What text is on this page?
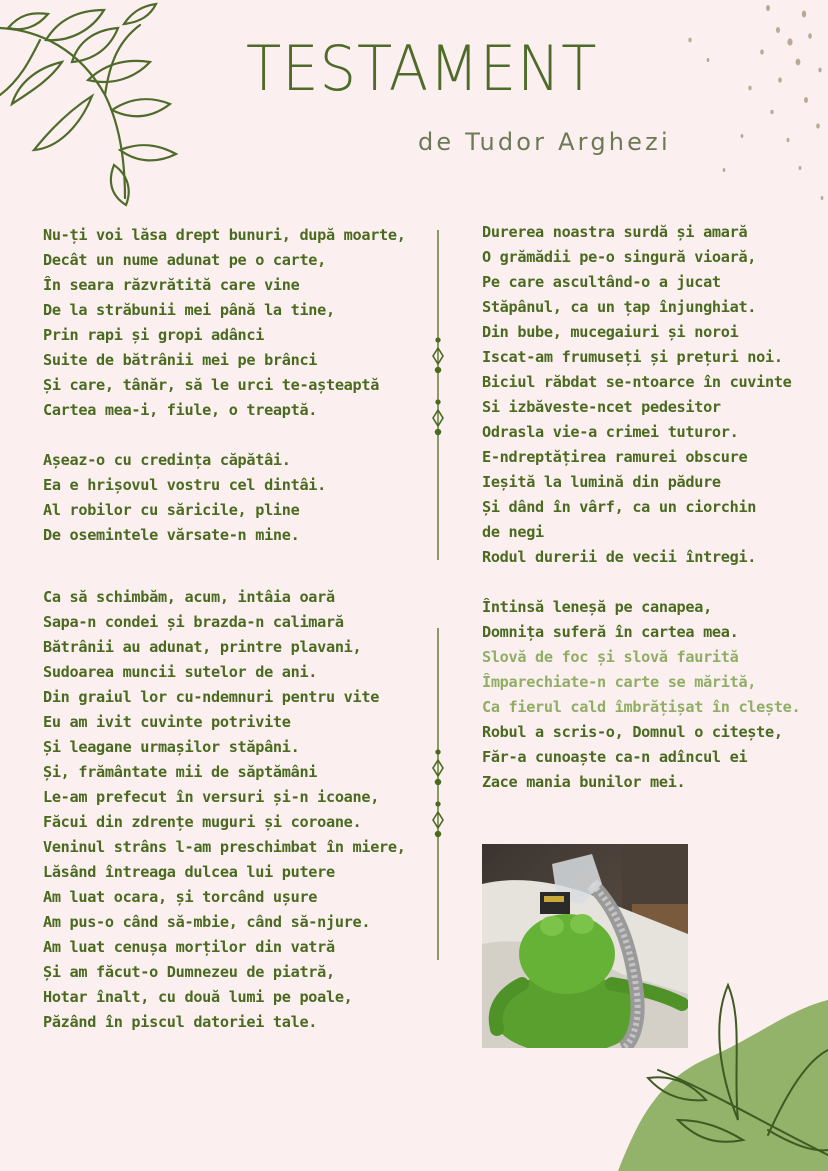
TESTAMENT

de Tudor Arghezi

Nu-ți voi lăsa drept bunuri, după moarte,
Decât un nume adunat pe o carte,
În seara răzvrătită care vine
De la străbunii mei până la tine,
Prin rapi și gropi adânci
Suite de bătrânii mei pe brânci
Și care, tânăr, să le urci te-așteaptă
Cartea mea-i, fiule, o treaptă.
Așeaz-o cu credința căpătâi.
Ea e hrișovul vostru cel dintâi.
Al robilor cu săricile, pline
De osemintele vărsate-n mine.
Ca să schimbăm, acum, intâia oară
Sapa-n condei și brazda-n calimară
Bătrânii au adunat, printre plavani,
Sudoarea muncii sutelor de ani.
Din graiul lor cu-ndemnuri pentru vite
Eu am ivit cuvinte potrivite
Și leagane urmașilor stăpâni.
Și, frământate mii de săptămâni
Le-am prefecut în versuri și-n icoane,
Făcui din zdrențe muguri și coroane.
Veninul strâns l-am preschimbat în miere,
Lăsând întreaga dulcea lui putere
Am luat ocara, și torcând ușure
Am pus-o când să-mbie, când să-njure.
Am luat cenușa morților din vatră
Și am făcut-o Dumnezeu de piatră,
Hotar înalt, cu două lumi pe poale,
Păzând în piscul datoriei tale.
Durerea noastra surdă și amară
O grămădii pe-o singură vioară,
Pe care ascultând-o a jucat
Stăpânul, ca un țap înjunghiat.
Din bube, mucegaiuri și noroi
Iscat-am frumuseți și prețuri noi.
Biciul răbdat se-ntoarce în cuvinte
Si izbăveste-ncet pedesitor
Odrasla vie-a crimei tuturor.
E-ndreptățirea ramurei obscure
Ieșită la lumină din pădure
Și dând în vârf, ca un ciorchin
de negi
Rodul durerii de vecii întregi.
Întinsă leneșă pe canapea,
Domnița suferă în cartea mea.
Slovă de foc și slovă faurită
Împarechiate-n carte se mărită,
Ca fierul cald îmbrățișat în clește.
Robul a scris-o, Domnul o citește,
Făr-a cunoaște ca-n adîncul ei
Zace mania bunilor mei.
